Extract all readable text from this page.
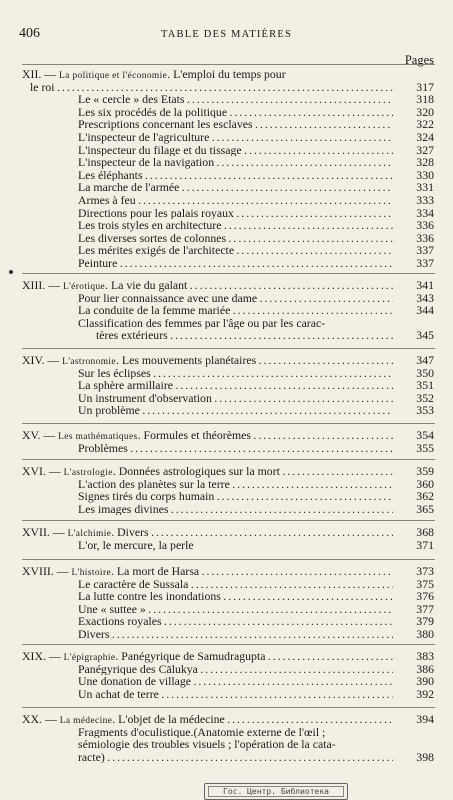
406	TABLE DES MATIÈRES
Pages
XII. — La politique et l'économie. L'emploi du temps pour
le roi . . .	317
Le « cercle » des Etats . . .	318
Les six procédés de la politique . . .	320
Prescriptions concernant les esclaves . . .	322
L'inspecteur de l'agriculture . . .	324
L'inspecteur du filage et du tissage . . .	327
L'inspecteur de la navigation . . .	328
Les éléphants . . .	330
La marche de l'armée . . .	331
Armes à feu . . .	333
Directions pour les palais royaux . . .	334
Les trois styles en architecture . . .	336
Les diverses sortes de colonnes . . .	336
Les mérites exigés de l'architecte . . .	337
Peinture . . .	337
XIII. — L'érotique. La vie du galant . . .	341
Pour lier connaissance avec une dame . . .	343
La conduite de la femme mariée . . .	344
Classification des femmes par l'âge ou par les carac-
tères extérieurs . . .	345
XIV. — L'astronomie. Les mouvements planétaires . . .	347
Sur les éclipses . . .	350
La sphère armillaire . . .	351
Un instrument d'observation . . .	352
Un problème . . .	353
XV. — Les mathématiques. Formules et théorèmes . . .	354
Problèmes . . .	355
XVI. — L'astrologie. Données astrologiques sur la mort . . .	359
L'action des planètes sur la terre . . .	360
Signes tirés du corps humain . . .	362
Les images divines . . .	365
XVII. — L'alchimie. Divers . . .	368
L'or, le mercure, la perle	371
XVIII. — L'histoire. La mort de Harsa . . .	373
Le caractère de Sussala . . .	375
La lutte contre les inondations . . .	376
Une « suttee » . . .	377
Exactions royales . . .	379
Divers . . .	380
XIX. — L'épigraphie. Panégyrique de Samudragupta . . .	383
Panégyrique des Cālukya . . .	386
Une donation de village . . .	390
Un achat de terre . . .	392
XX. — La médecine. L'objet de la médecine . . .	394
Fragments d'oculistique.(Anatomie externe de l'œil ;
sémiologie des troubles visuels ; l'opération de la cata-
racte) . . .	398
Гос. Центр. Библиотека
